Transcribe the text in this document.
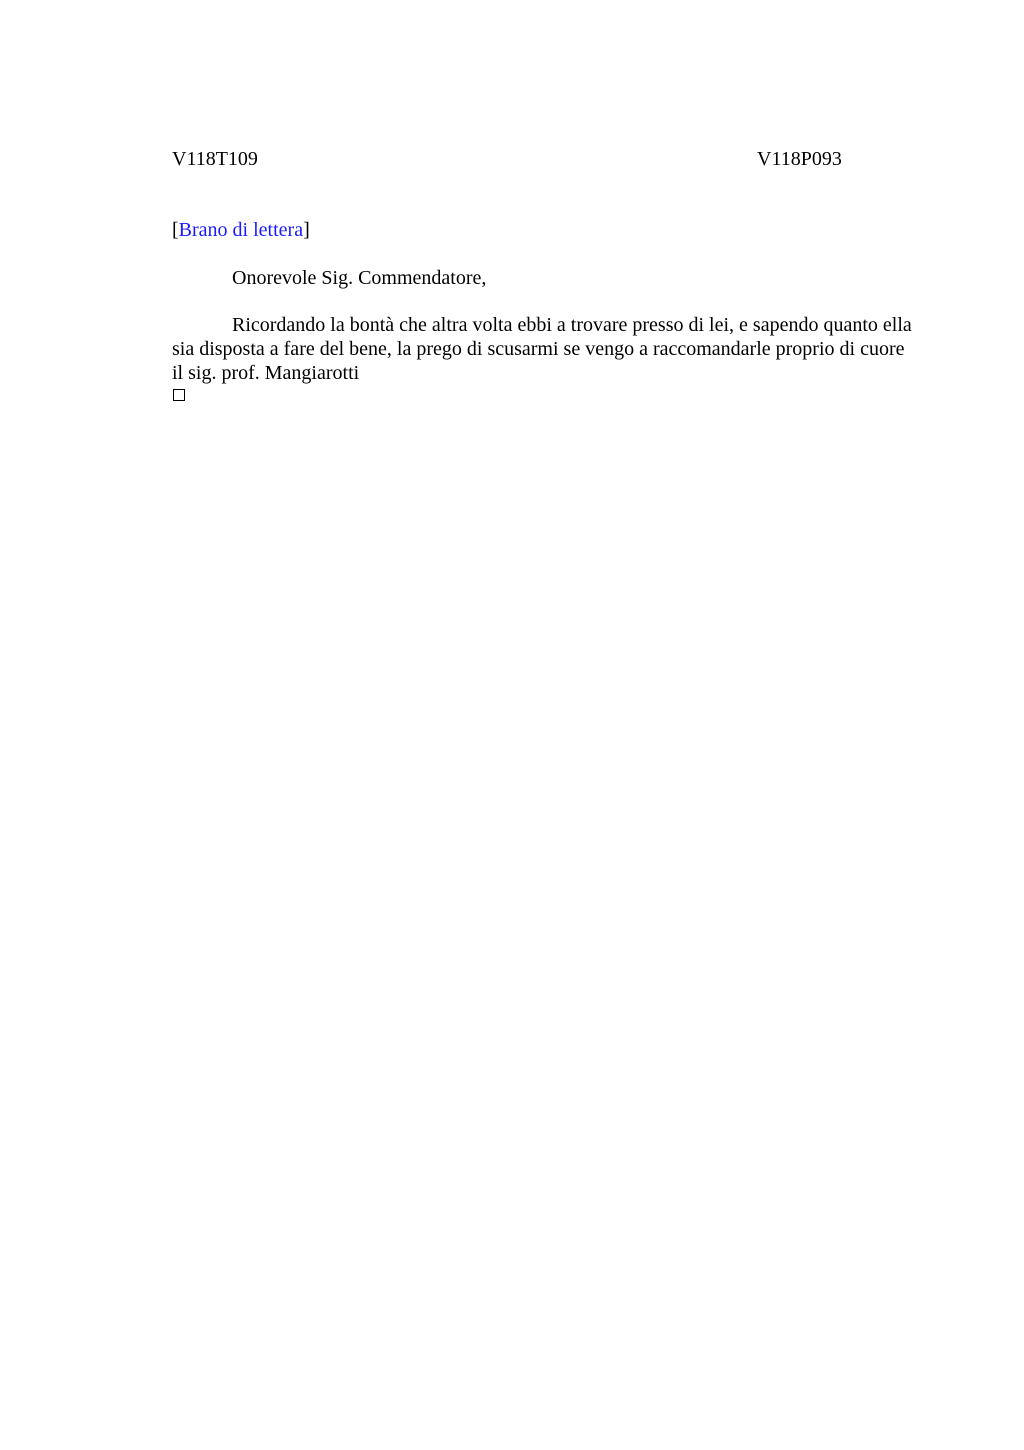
V118T109	V118P093
[Brano di lettera]
Onorevole Sig. Commendatore,
Ricordando la bontà che altra volta ebbi a trovare presso di lei, e sapendo quanto ella sia disposta a fare del bene, la prego di scusarmi se vengo a raccomandarle proprio di cuore il sig. prof. Mangiarotti
